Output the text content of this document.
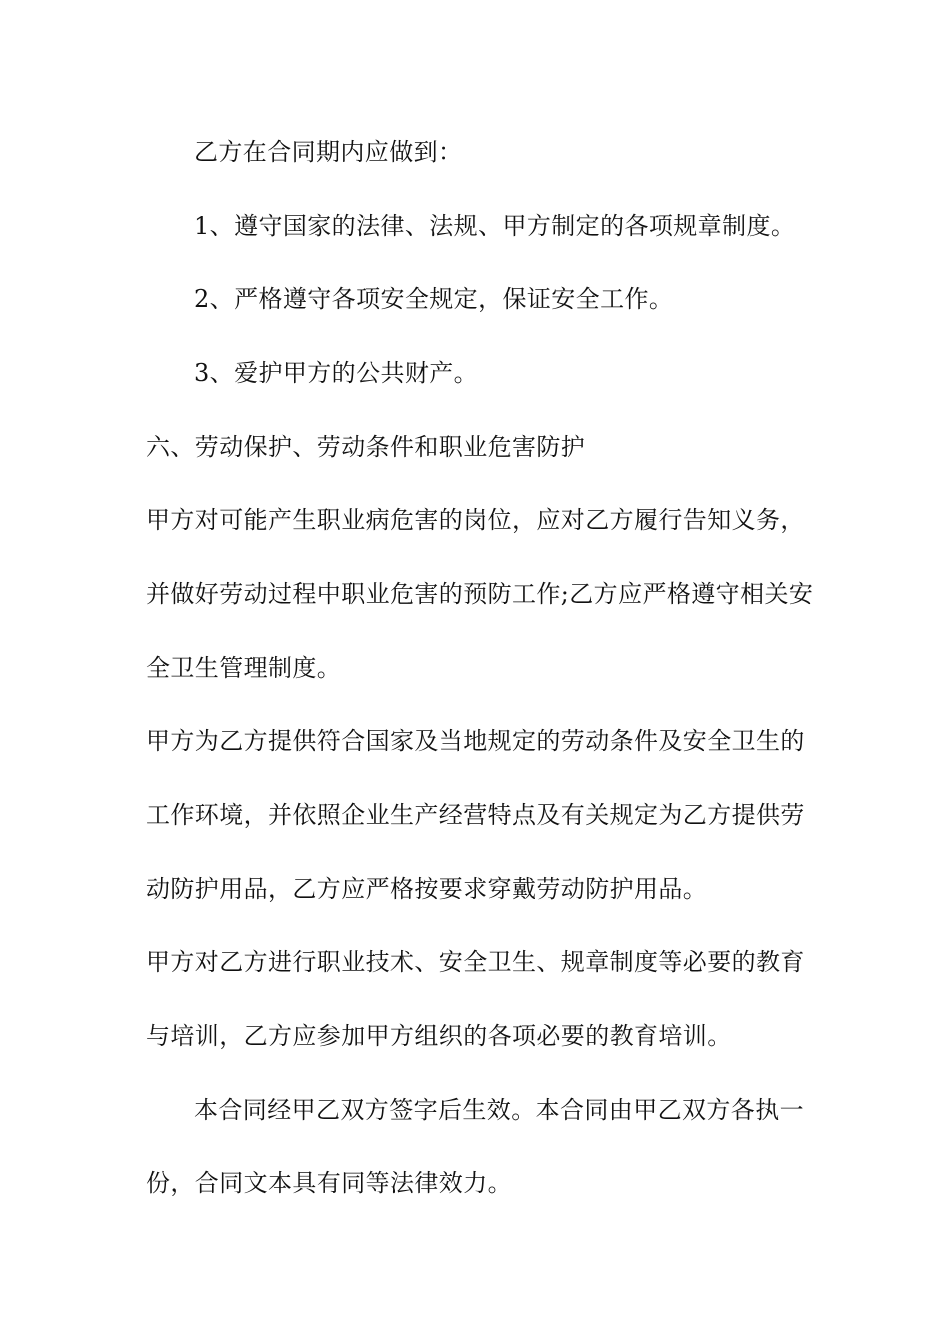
乙方在合同期内应做到：
1、遵守国家的法律、法规、甲方制定的各项规章制度。
2、严格遵守各项安全规定，保证安全工作。
3、爱护甲方的公共财产。
六、劳动保护、劳动条件和职业危害防护
甲方对可能产生职业病危害的岗位，应对乙方履行告知义务，
并做好劳动过程中职业危害的预防工作;乙方应严格遵守相关安
全卫生管理制度。
甲方为乙方提供符合国家及当地规定的劳动条件及安全卫生的
工作环境，并依照企业生产经营特点及有关规定为乙方提供劳
动防护用品，乙方应严格按要求穿戴劳动防护用品。
甲方对乙方进行职业技术、安全卫生、规章制度等必要的教育
与培训，乙方应参加甲方组织的各项必要的教育培训。
本合同经甲乙双方签字后生效。本合同由甲乙双方各执一
份，合同文本具有同等法律效力。
